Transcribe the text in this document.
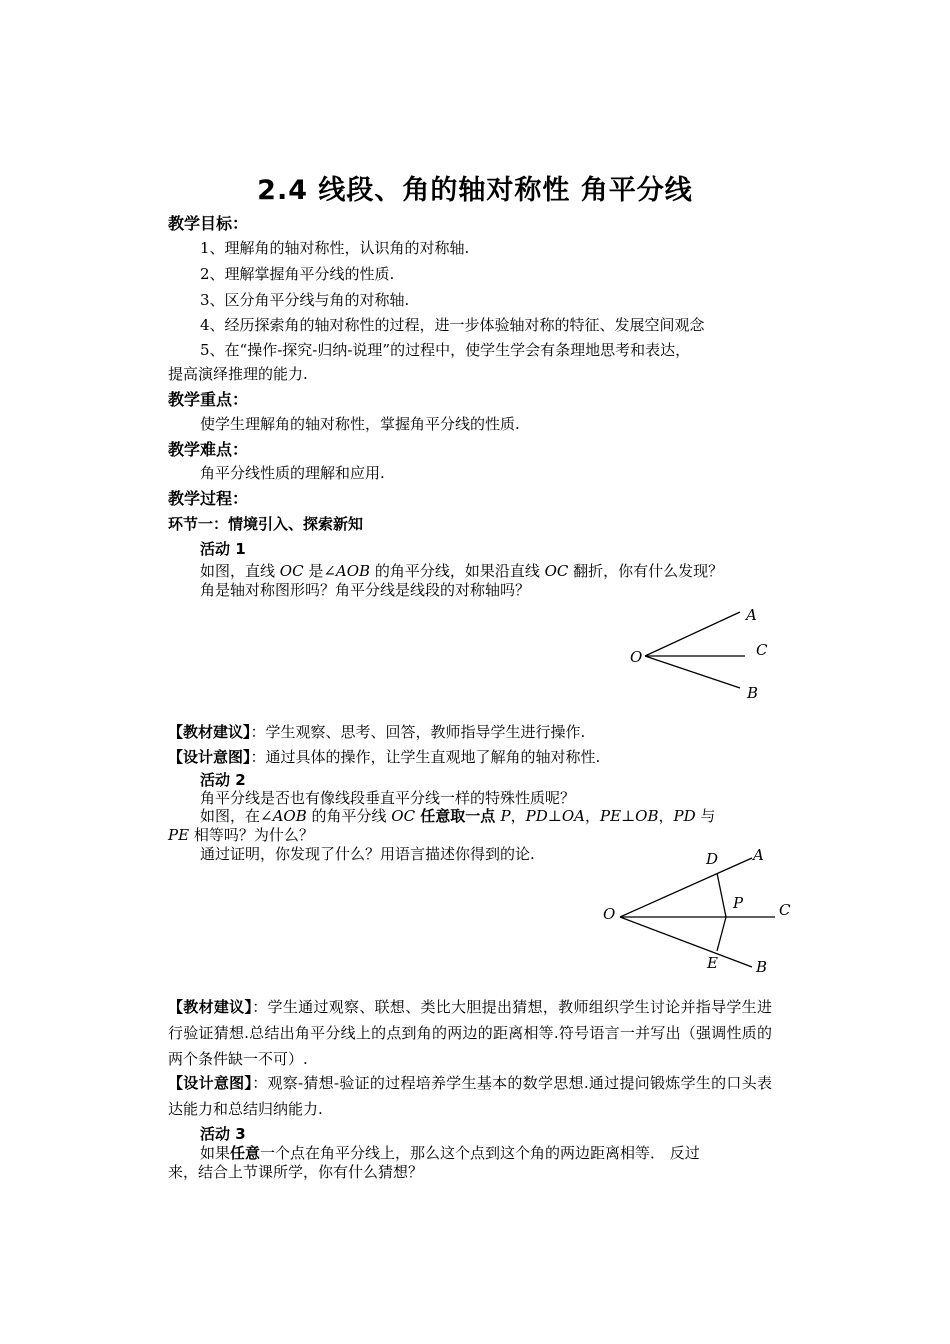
2.4 线段、角的轴对称性 角平分线
教学目标：
1、理解角的轴对称性，认识角的对称轴.
2、理解掌握角平分线的性质.
3、区分角平分线与角的对称轴.
4、经历探索角的轴对称性的过程，进一步体验轴对称的特征、发展空间观念
5、在“操作-探究-归纳-说理”的过程中，使学生学会有条理地思考和表达，
提高演绎推理的能力.
教学重点：
使学生理解角的轴对称性，掌握角平分线的性质.
教学难点：
角平分线性质的理解和应用.
教学过程：
环节一：情境引入、探索新知
活动 1
如图，直线 OC 是∠AOB 的角平分线，如果沿直线 OC 翻折，你有什么发现？
角是轴对称图形吗？角平分线是线段的对称轴吗？
A
C
O
B
【教材建议】：学生观察、思考、回答，教师指导学生进行操作.
【设计意图】：通过具体的操作，让学生直观地了解角的轴对称性.
活动 2
角平分线是否也有像线段垂直平分线一样的特殊性质呢？
如图，在∠AOB 的角平分线 OC 任意取一点 P，PD⊥OA，PE⊥OB，PD 与
PE 相等吗？为什么？
通过证明，你发现了什么？用语言描述你得到的论.	D A
P C
O
E	B
【教材建议】：学生通过观察、联想、类比大胆提出猜想，教师组织学生讨论并指导学生进行验证猜想.总结出角平分线上的点到角的两边的距离相等.符号语言一并写出（强调性质的两个条件缺一不可）.
【设计意图】：观察-猜想-验证的过程培养学生基本的数学思想.通过提问锻炼学生的口头表达能力和总结归纳能力.
活动 3
如果任意一个点在角平分线上，那么这个点到这个角的两边距离相等． 反过
来，结合上节课所学，你有什么猜想？
